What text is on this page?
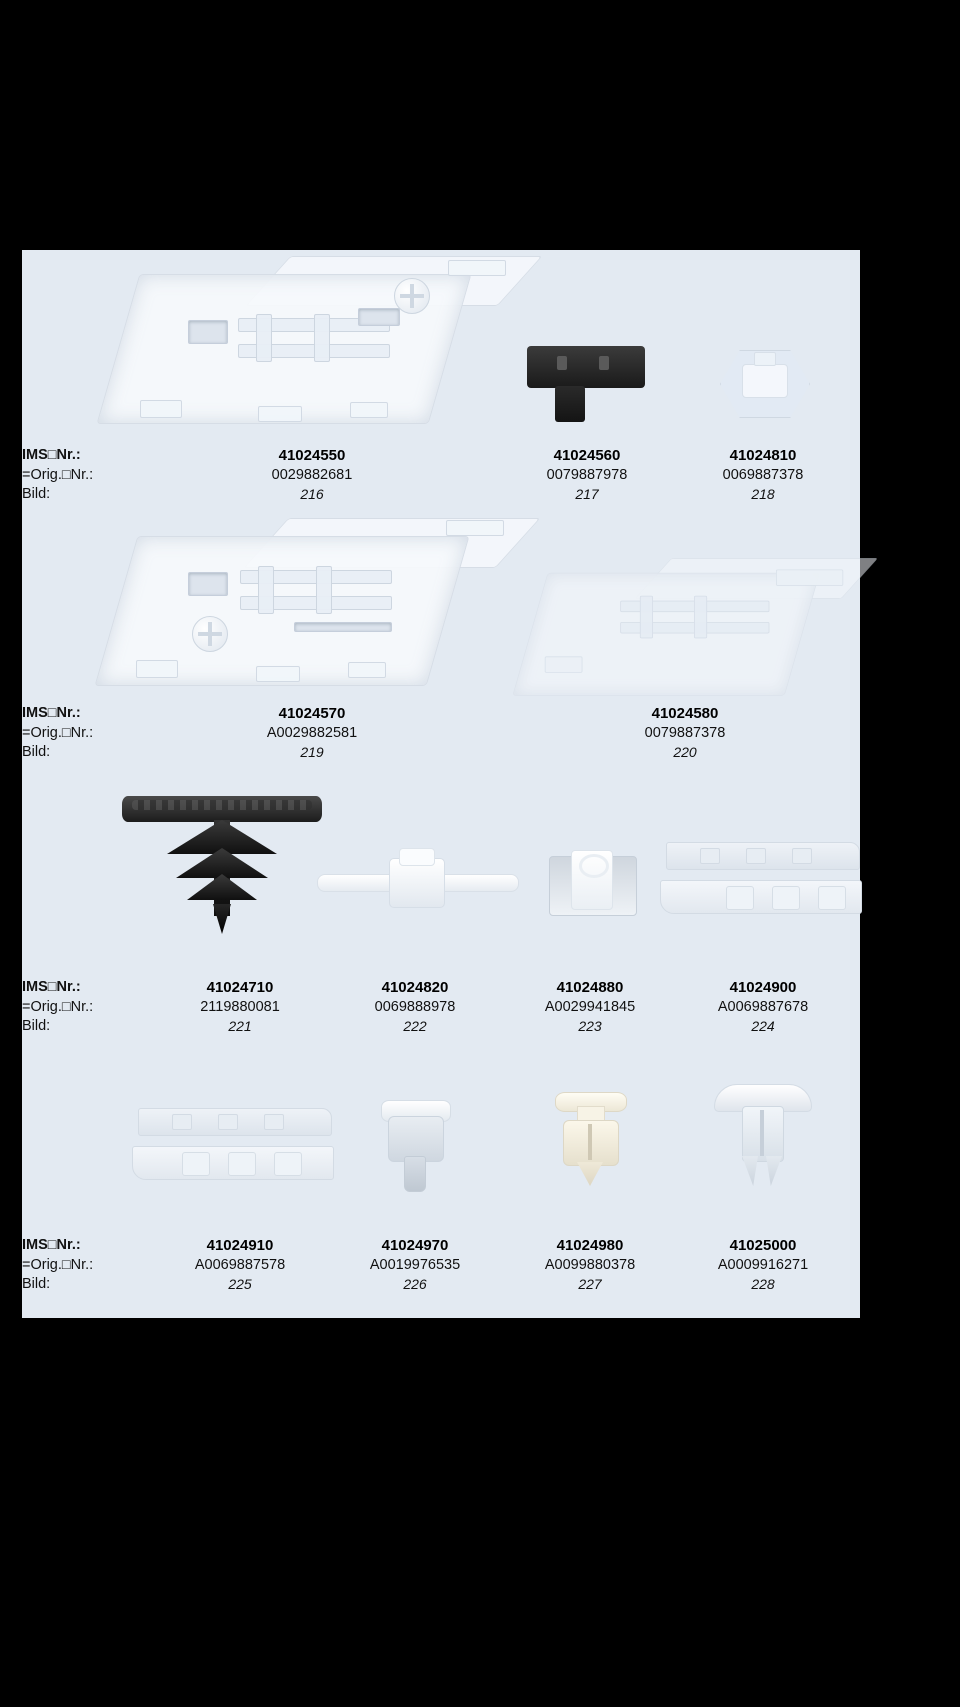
IMS□Nr.:
=Orig.□Nr.:
Bild:
41024550
0029882681
216
41024560
0079887978
217
41024810
0069887378
218
IMS□Nr.:
=Orig.□Nr.:
Bild:
41024570
A0029882581
219
41024580
0079887378
220
IMS□Nr.:
=Orig.□Nr.:
Bild:
41024710
2119880081
221
41024820
0069888978
222
41024880
A0029941845
223
41024900
A0069887678
224
IMS□Nr.:
=Orig.□Nr.:
Bild:
41024910
A0069887578
225
41024970
A0019976535
226
41024980
A0099880378
227
41025000
A0009916271
228
